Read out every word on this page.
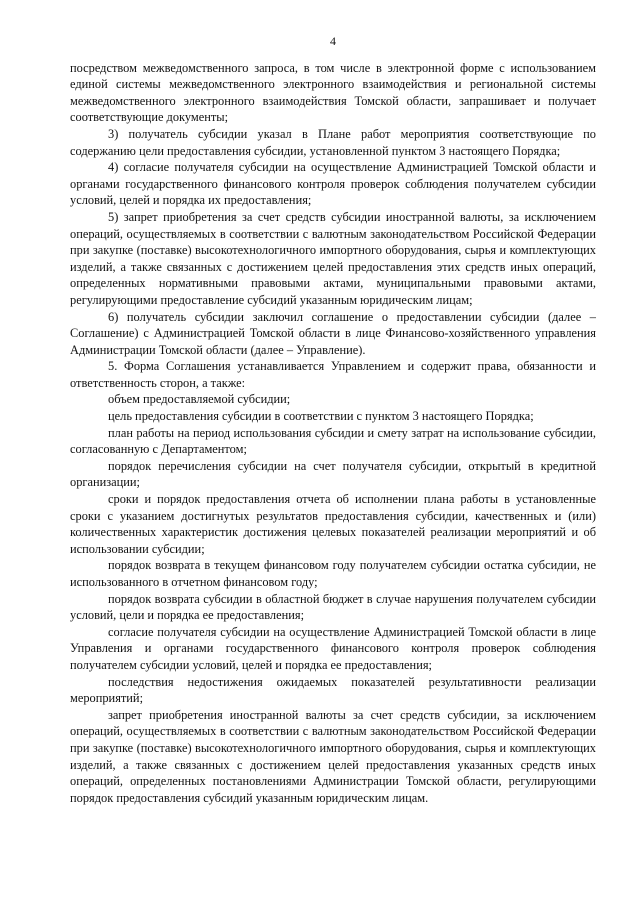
4

посредством межведомственного запроса, в том числе в электронной форме с использованием единой системы межведомственного электронного взаимодействия и региональной системы межведомственного электронного взаимодействия Томской области, запрашивает и получает соответствующие документы;

3) получатель субсидии указал в Плане работ мероприятия соответствующие по содержанию цели предоставления субсидии, установленной пунктом 3 настоящего Порядка;

4) согласие получателя субсидии на осуществление Администрацией Томской области и органами государственного финансового контроля проверок соблюдения получателем субсидии условий, целей и порядка их предоставления;

5) запрет приобретения за счет средств субсидии иностранной валюты, за исключением операций, осуществляемых в соответствии с валютным законодательством Российской Федерации при закупке (поставке) высокотехнологичного импортного оборудования, сырья и комплектующих изделий, а также связанных с достижением целей предоставления этих средств иных операций, определенных нормативными правовыми актами, муниципальными правовыми актами, регулирующими предоставление субсидий указанным юридическим лицам;

6) получатель субсидии заключил соглашение о предоставлении субсидии (далее – Соглашение) с Администрацией Томской области в лице Финансово-хозяйственного управления Администрации Томской области (далее – Управление).

5. Форма Соглашения устанавливается Управлением и содержит права, обязанности и ответственность сторон, а также:

объем предоставляемой субсидии;

цель предоставления субсидии в соответствии с пунктом 3 настоящего Порядка;

план работы на период использования субсидии и смету затрат на использование субсидии, согласованную с Департаментом;

порядок перечисления субсидии на счет получателя субсидии, открытый в кредитной организации;

сроки и порядок предоставления отчета об исполнении плана работы в установленные сроки с указанием достигнутых результатов предоставления субсидии, качественных и (или) количественных характеристик достижения целевых показателей реализации мероприятий и об использовании субсидии;

порядок возврата в текущем финансовом году получателем субсидии остатка субсидии, не использованного в отчетном финансовом году;

порядок возврата субсидии в областной бюджет в случае нарушения получателем субсидии условий, цели и порядка ее предоставления;

согласие получателя субсидии на осуществление Администрацией Томской области в лице Управления и органами государственного финансового контроля проверок соблюдения получателем субсидии условий, целей и порядка ее предоставления;

последствия недостижения ожидаемых показателей результативности реализации мероприятий;

запрет приобретения иностранной валюты за счет средств субсидии, за исключением операций, осуществляемых в соответствии с валютным законодательством Российской Федерации при закупке (поставке) высокотехнологичного импортного оборудования, сырья и комплектующих изделий, а также связанных с достижением целей предоставления указанных средств иных операций, определенных постановлениями Администрации Томской области, регулирующими порядок предоставления субсидий указанным юридическим лицам.
